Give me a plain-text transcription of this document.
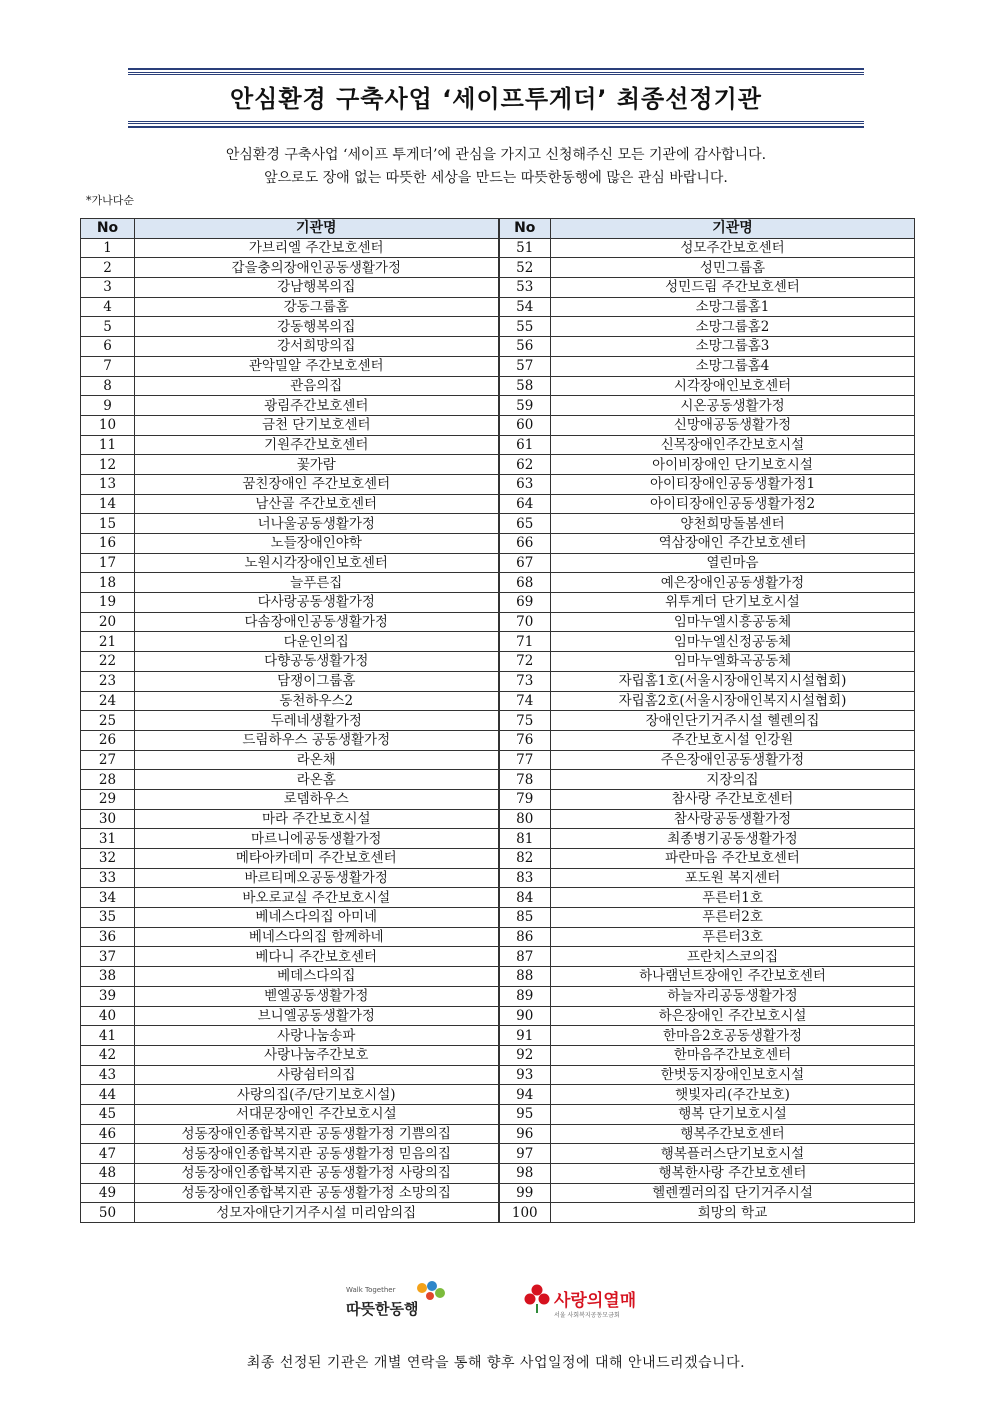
안심환경 구축사업 ‘세이프투게더’ 최종선정기관
안심환경 구축사업 ‘세이프 투게더’에 관심을 가지고 신청해주신 모든 기관에 감사합니다.
앞으로도 장애 없는 따뜻한 세상을 만드는 따뜻한동행에 많은 관심 바랍니다.
*가나다순
No	기관명	No	기관명
1	가브리엘 주간보호센터	51	성모주간보호센터
2	갑을충의장애인공동생활가정	52	성민그룹홈
3	강남행복의집	53	성민드림 주간보호센터
4	강동그룹홈	54	소망그룹홈1
5	강동행복의집	55	소망그룹홈2
6	강서희망의집	56	소망그룹홈3
7	관악밀알 주간보호센터	57	소망그룹홈4
8	관음의집	58	시각장애인보호센터
9	광림주간보호센터	59	시온공동생활가정
10	금천 단기보호센터	60	신망애공동생활가정
11	기원주간보호센터	61	신목장애인주간보호시설
12	꽃가람	62	아이비장애인 단기보호시설
13	꿈친장애인 주간보호센터	63	아이티장애인공동생활가정1
14	남산골 주간보호센터	64	아이티장애인공동생활가정2
15	너나울공동생활가정	65	양천희망돌봄센터
16	노들장애인야학	66	역삼장애인 주간보호센터
17	노원시각장애인보호센터	67	열린마음
18	늘푸른집	68	예은장애인공동생활가정
19	다사랑공동생활가정	69	위투게더 단기보호시설
20	다솜장애인공동생활가정	70	임마누엘시흥공동체
21	다운인의집	71	임마누엘신정공동체
22	다향공동생활가정	72	임마누엘화곡공동체
23	담쟁이그룹홈	73	자립홈1호(서울시장애인복지시설협회)
24	동천하우스2	74	자립홈2호(서울시장애인복지시설협회)
25	두레네생활가정	75	장애인단기거주시설 헬렌의집
26	드림하우스 공동생활가정	76	주간보호시설 인강원
27	라온채	77	주은장애인공동생활가정
28	라온홈	78	지장의집
29	로뎀하우스	79	참사랑 주간보호센터
30	마라 주간보호시설	80	참사랑공동생활가정
31	마르니에공동생활가정	81	최종병기공동생활가정
32	메타아카데미 주간보호센터	82	파란마음 주간보호센터
33	바르티메오공동생활가정	83	포도원 복지센터
34	바오로교실 주간보호시설	84	푸른터1호
35	베네스다의집 아미네	85	푸른터2호
36	베네스다의집 함께하네	86	푸른터3호
37	베다니 주간보호센터	87	프란치스코의집
38	베데스다의집	88	하나램넌트장애인 주간보호센터
39	벧엘공동생활가정	89	하늘자리공동생활가정
40	브니엘공동생활가정	90	하은장애인 주간보호시설
41	사랑나눔송파	91	한마음2호공동생활가정
42	사랑나눔주간보호	92	한마음주간보호센터
43	사랑쉼터의집	93	한벗둥지장애인보호시설
44	사랑의집(주/단기보호시설)	94	햇빛자리(주간보호)
45	서대문장애인 주간보호시설	95	행복 단기보호시설
46	성동장애인종합복지관 공동생활가정 기쁨의집	96	행복주간보호센터
47	성동장애인종합복지관 공동생활가정 믿음의집	97	행복플러스단기보호시설
48	성동장애인종합복지관 공동생활가정 사랑의집	98	행복한사랑 주간보호센터
49	성동장애인종합복지관 공동생활가정 소망의집	99	헬렌켈러의집 단기거주시설
50	성모자애단기거주시설 미리암의집	100	희망의 학교
Walk Together
따뜻한동행	사랑의열매
서울 사회복지공동모금회
최종 선정된 기관은 개별 연락을 통해 향후 사업일정에 대해 안내드리겠습니다.
